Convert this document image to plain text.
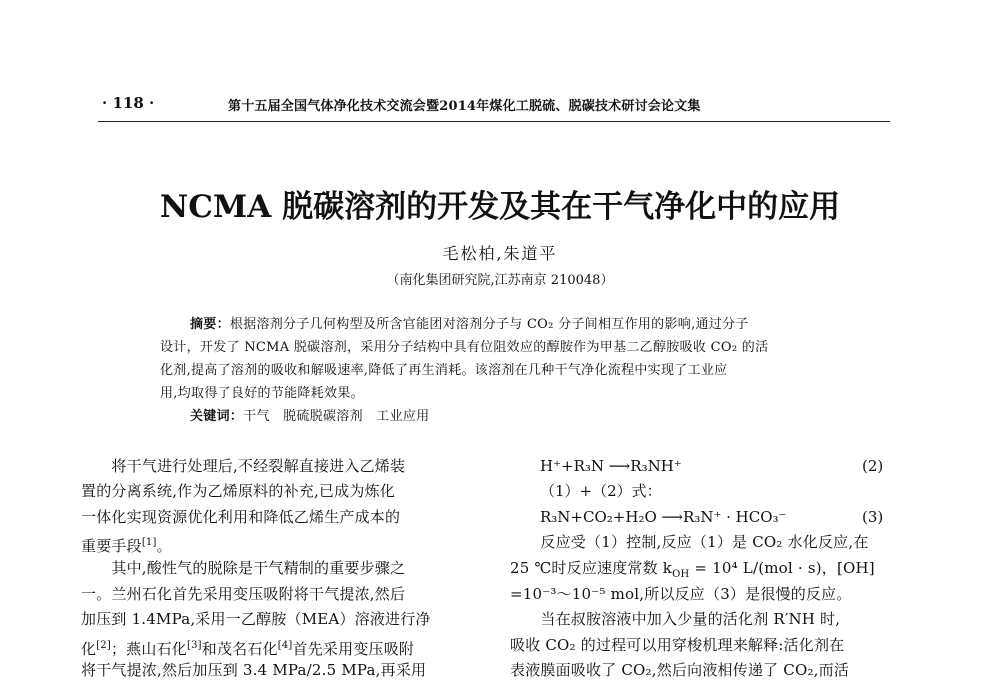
· 118 ·	第十五届全国气体净化技术交流会暨2014年煤化工脱硫、脱碳技术研讨会论文集
NCMA 脱碳溶剂的开发及其在干气净化中的应用
毛松柏,朱道平
（南化集团研究院,江苏南京 210048）
摘要：根据溶剂分子几何构型及所含官能团对溶剂分子与 CO₂ 分子间相互作用的影响,通过分子
设计，开发了 NCMA 脱碳溶剂，采用分子结构中具有位阻效应的醇胺作为甲基二乙醇胺吸收 CO₂ 的活
化剂,提高了溶剂的吸收和解吸速率,降低了再生消耗。该溶剂在几种干气净化流程中实现了工业应
用,均取得了良好的节能降耗效果。
关键词：干气　脱硫脱碳溶剂　工业应用
　　将干气进行处理后,不经裂解直接进入乙烯装
置的分离系统,作为乙烯原料的补充,已成为炼化
一体化实现资源优化利用和降低乙烯生产成本的
重要手段[1]。
　　其中,酸性气的脱除是干气精制的重要步骤之
一。兰州石化首先采用变压吸附将干气提浓,然后
加压到 1.4MPa,采用一乙醇胺（MEA）溶液进行净
化[2]；燕山石化[3]和茂名石化[4]首先采用变压吸附
将干气提浓,然后加压到 3.4 MPa/2.5 MPa,再采用
H⁺+R₃N ⟶R₃NH⁺	(2)
（1）+（2）式：
R₃N+CO₂+H₂O ⟶R₃N⁺ · HCO₃⁻	(3)
　　反应受（1）控制,反应（1）是 CO₂ 水化反应,在
25 ℃时反应速度常数 $k_{OH} = 10^4$ L/(mol · s)，[OH]
=10⁻³～10⁻⁵ mol,所以反应（3）是很慢的反应。
　　当在叔胺溶液中加入少量的活化剂 R′NH 时,
吸收 CO₂ 的过程可以用穿梭机理来解释:活化剂在
表液膜面吸收了 CO₂,然后向液相传递了 CO₂,而活
